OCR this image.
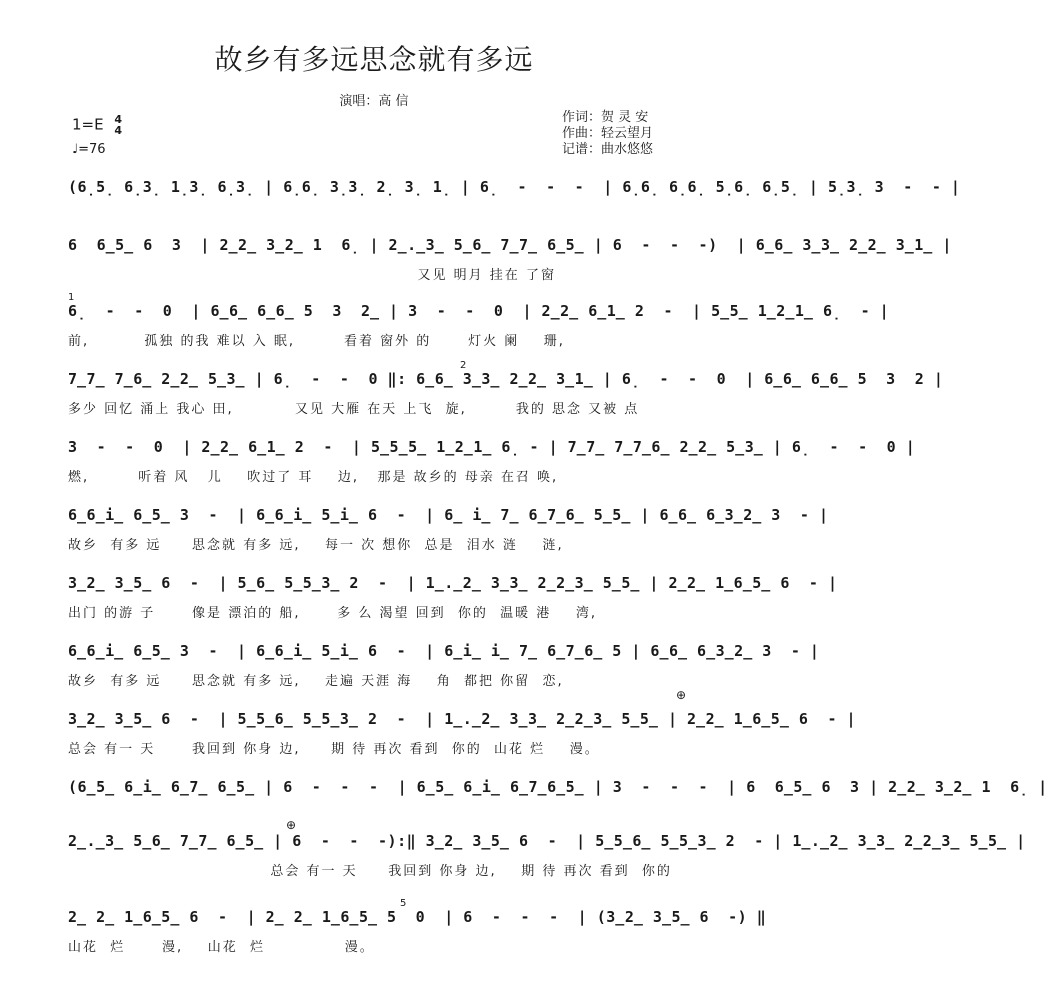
故乡有多远思念就有多远
演唱：高 信
1=E 4
4
♩=76
作词：贺 灵 安
作曲：轻云望月
记谱：曲水悠悠
(6̣5̣ 6̣3̣ 1̣3̣ 6̣3̣ | 6̣6̣ 3̣3̣ 2̣ 3̣ 1̣ | 6̣  -  -  -  | 6̣6̣ 6̣6̣ 5̣6̣ 6̣5̣ | 5̣3̣ 3  -  - |
6  6̲5̲ 6  3  | 2̲2̲ 3̲2̲ 1  6̣ | 2̲.̲3̲ 5̲6̲ 7̲7̲ 6̲5̲ | 6  -  -  -)  | 6̲6̲ 3̲3̲ 2̲2̲ 3̲1̲ |
又见 明月 挂在 了窗
6̣  -  -  0  | 6̲6̲ 6̲6̲ 5  3  2̲ | 3  -  -  0  | 2̲2̲ 6̲1̲ 2  -  | 5̲5̲ 1̲2̲1̲ 6̣  - |
前,         孤独 的我 难以 入 眠,        看着 窗外 的      灯火 阑    珊,
7̲7̲ 7̲6̲ 2̲2̲ 5̲3̲ | 6̣  -  -  0 ‖: 6̲6̲ 3̲3̲ 2̲2̲ 3̲1̲ | 6̣  -  -  0  | 6̲6̲ 6̲6̲ 5  3  2 |
多少 回忆 涌上 我心 田,          又见 大雁 在天 上飞  旋,        我的 思念 又被 点
3  -  -  0  | 2̲2̲ 6̲1̲ 2  -  | 5̲5̲5̲ 1̲2̲1̲ 6̣ - | 7̲7̲ 7̲7̲6̲ 2̲2̲ 5̲3̲ | 6̣  -  -  0 |
燃,        听着 风   儿    吹过了 耳    边,   那是 故乡的 母亲 在召 唤,
6̲6̲i̲ 6̲5̲ 3  -  | 6̲6̲i̲ 5̲i̲ 6  -  | 6̲ i̲ 7̲ 6̲7̲6̲ 5̲5̲ | 6̲6̲ 6̲3̲2̲ 3  - |
故乡  有多 远     思念就 有多 远,    每一 次 想你  总是  泪水 涟    涟,
3̲2̲ 3̲5̲ 6  -  | 5̲6̲ 5̲5̲3̲ 2  -  | 1̲.̲2̲ 3̲3̲ 2̲2̲3̲ 5̲5̲ | 2̲2̲ 1̲6̲5̲ 6  - |
出门 的游 子      像是 漂泊的 船,      多 么 渴望 回到  你的  温暖 港    湾,
6̲6̲i̲ 6̲5̲ 3  -  | 6̲6̲i̲ 5̲i̲ 6  -  | 6̲i̲ i̲ 7̲ 6̲7̲6̲ 5 | 6̲6̲ 6̲3̲2̲ 3  - |
故乡  有多 远     思念就 有多 远,    走遍 天涯 海    角  都把 你留  恋,
3̲2̲ 3̲5̲ 6  -  | 5̲5̲6̲ 5̲5̲3̲ 2  -  | 1̲.̲2̲ 3̲3̲ 2̲2̲3̲ 5̲5̲ | 2̲2̲ 1̲6̲5̲ 6  - |
总会 有一 天      我回到 你身 边,     期 待 再次 看到  你的  山花 烂    漫。
(6̲5̲ 6̲i̲ 6̲7̲ 6̲5̲ | 6  -  -  -  | 6̲5̲ 6̲i̲ 6̲7̲6̲5̲ | 3  -  -  -  | 6  6̲5̲ 6  3 | 2̲2̲ 3̲2̲ 1  6̣ |
2̲.̲3̲ 5̲6̲ 7̲7̲ 6̲5̲ | 6  -  -  -):‖ 3̲2̲ 3̲5̲ 6  -  | 5̲5̲6̲ 5̲5̲3̲ 2  - | 1̲.̲2̲ 3̲3̲ 2̲2̲3̲ 5̲5̲ |
总会 有一 天     我回到 你身 边,    期 待 再次 看到  你的
2̲ 2̲ 1̲6̲5̲ 6  -  | 2̲ 2̲ 1̲6̲5̲ 5  0  | 6  -  -  -  | (3̲2̲ 3̲5̲ 6  -) ‖
山花  烂      漫,    山花  烂             漫。
⊕
⊕
1
2
5
